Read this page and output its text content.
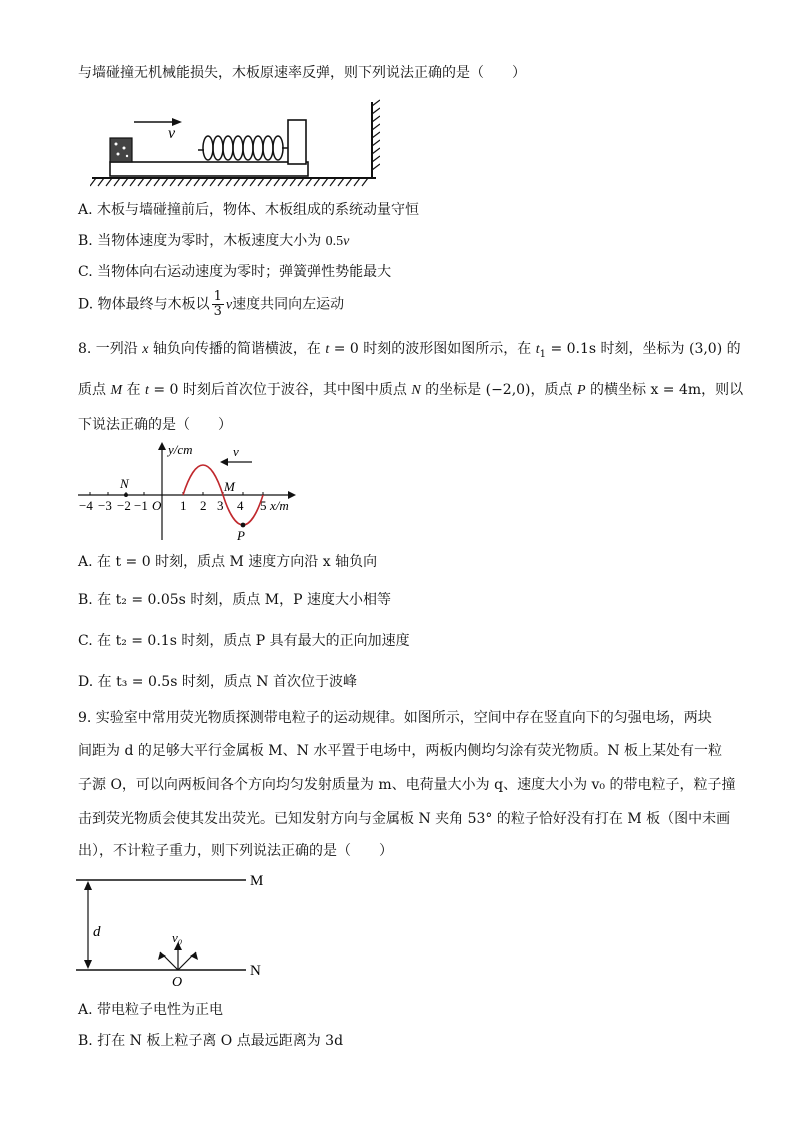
与墙碰撞无机械能损失，木板原速率反弹，则下列说法正确的是（　　）
v
A. 木板与墙碰撞前后，物体、木板组成的系统动量守恒
B. 当物体速度为零时，木板速度大小为 0.5v
C. 当物体向右运动速度为零时；弹簧弹性势能最大
D. 物体最终与木板以 $\frac{1}{3}$ v速度共同向左运动
8. 一列沿 x 轴负向传播的简谐横波，在 t = 0 时刻的波形图如图所示，在 $t_1 = 0.1s$ 时刻，坐标为 (3,0) 的
质点 M 在 t = 0 时刻后首次位于波谷，其中图中质点 N 的坐标是 (−2,0)，质点 P 的横坐标 x = 4m，则以
下说法正确的是（　　）
y/cm
−4 −3 −2 −1 O 1 2 3 4 5 x/m
N	M
P
v
A. 在 t = 0 时刻，质点 M 速度方向沿 x 轴负向
B. 在 t₂ = 0.05s 时刻，质点 M，P 速度大小相等
C. 在 t₂ = 0.1s 时刻，质点 P 具有最大的正向加速度
D. 在 t₃ = 0.5s 时刻，质点 N 首次位于波峰
9. 实验室中常用荧光物质探测带电粒子的运动规律。如图所示，空间中存在竖直向下的匀强电场，两块
间距为 d 的足够大平行金属板 M、N 水平置于电场中，两板内侧均匀涂有荧光物质。N 板上某处有一粒
子源 O，可以向两板间各个方向均匀发射质量为 m、电荷量大小为 q、速度大小为 v₀ 的带电粒子，粒子撞
击到荧光物质会使其发出荧光。已知发射方向与金属板 N 夹角 53° 的粒子恰好没有打在 M 板（图中未画
出），不计粒子重力，则下列说法正确的是（　　）
M
N
d	v₀
O
A. 带电粒子电性为正电
B. 打在 N 板上粒子离 O 点最远距离为 3d
